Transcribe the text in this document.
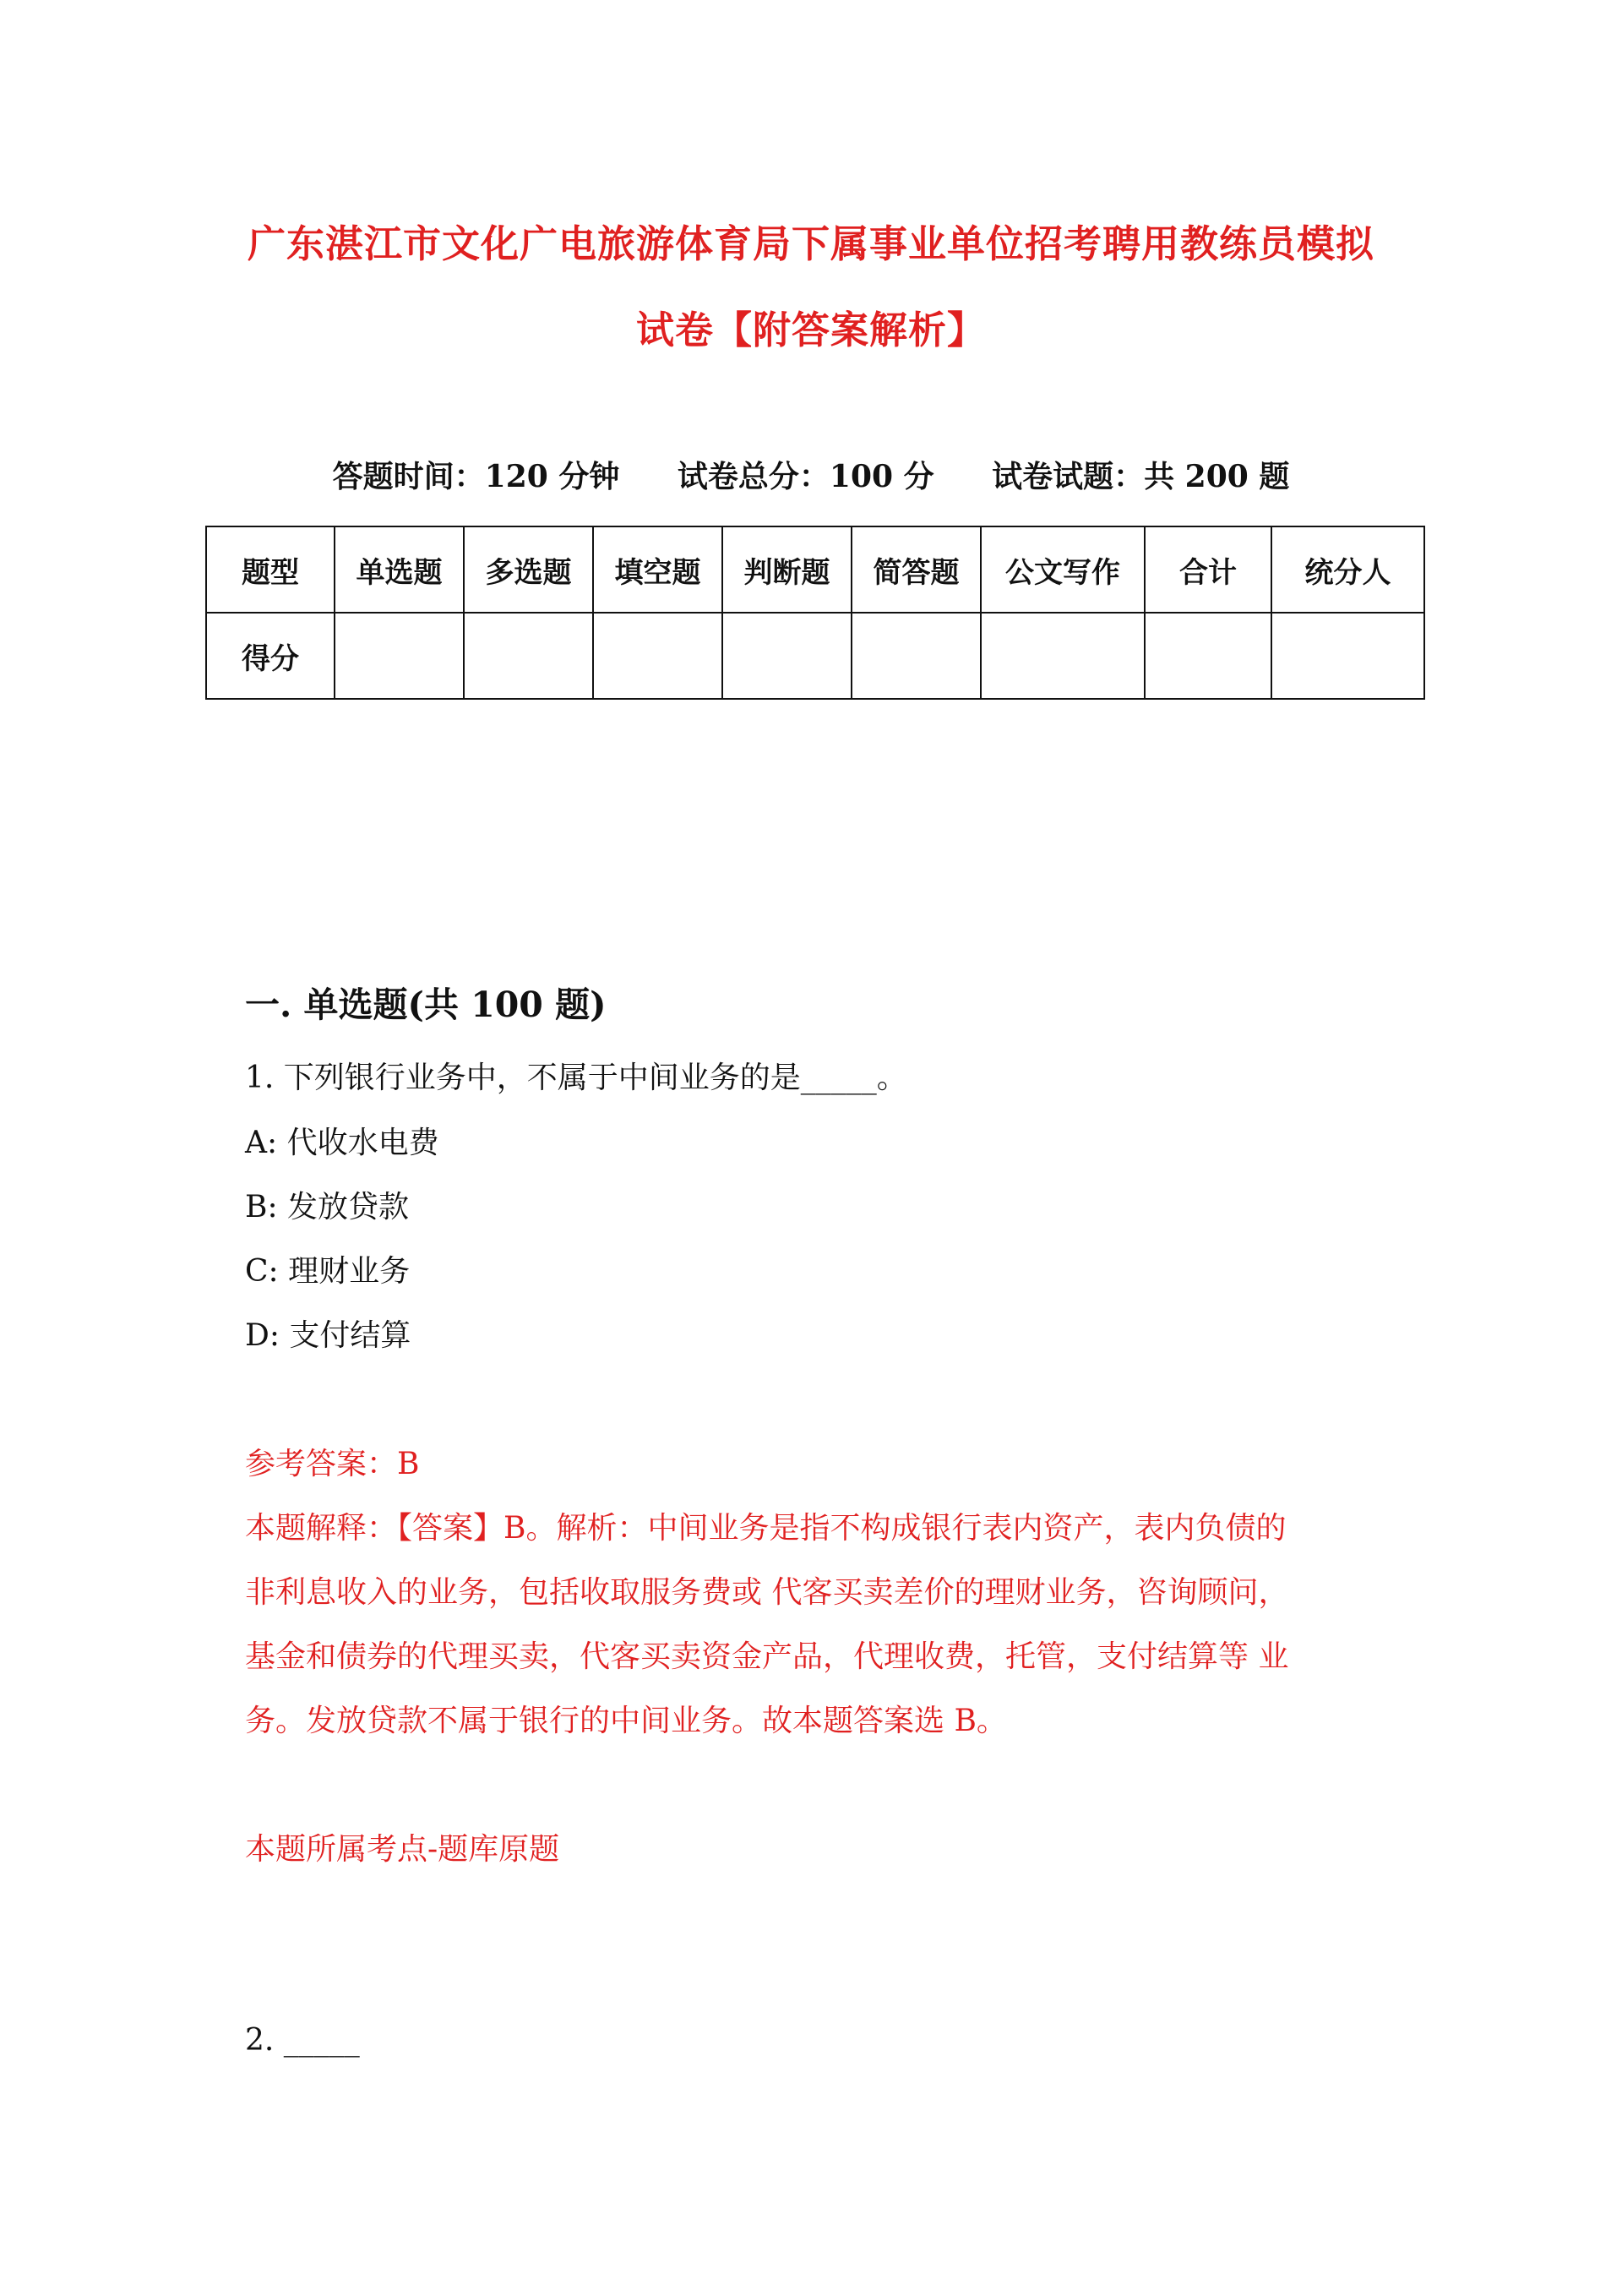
广东湛江市文化广电旅游体育局下属事业单位招考聘用教练员模拟
试卷【附答案解析】
答题时间：120 分钟 试卷总分：100 分 试卷试题：共 200 题
题型	单选题	多选题	填空题	判断题	简答题	公文写作	合计	统分人
得分								
一. 单选题(共 100 题)
1. 下列银行业务中，不属于中间业务的是_____。
A: 代收水电费
B: 发放贷款
C: 理财业务
D: 支付结算
参考答案：B
本题解释：【答案】B。解析：中间业务是指不构成银行表内资产，表内负债的
非利息收入的业务，包括收取服务费或 代客买卖差价的理财业务，咨询顾问，
基金和债券的代理买卖，代客买卖资金产品，代理收费，托管，支付结算等 业
务。发放贷款不属于银行的中间业务。故本题答案选 B。
本题所属考点-题库原题
2. _____
